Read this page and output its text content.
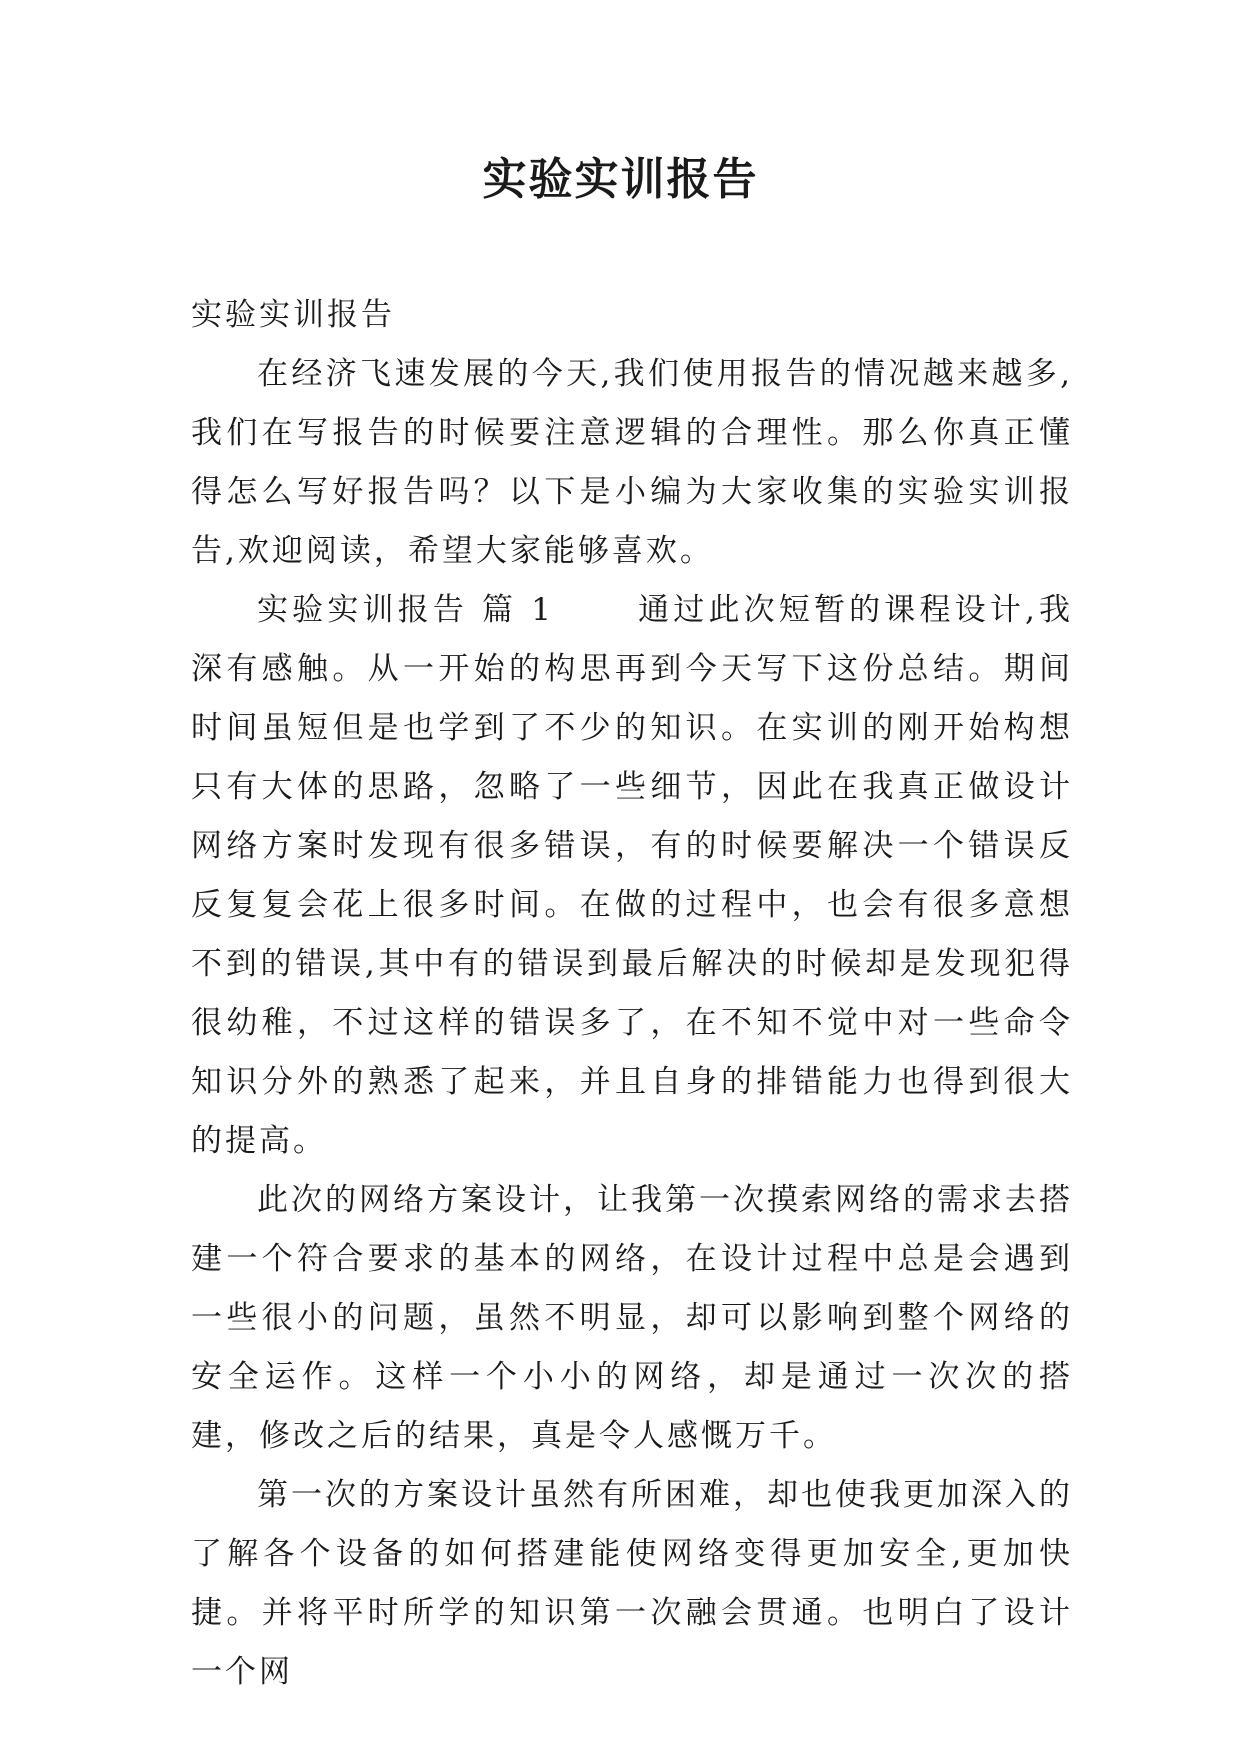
实验实训报告

实验实训报告

在经济飞速发展的今天,我们使用报告的情况越来越多,我们在写报告的时候要注意逻辑的合理性。那么你真正懂得怎么写好报告吗？以下是小编为大家收集的实验实训报告,欢迎阅读，希望大家能够喜欢。

实验实训报告 篇 1	通过此次短暂的课程设计,我深有感触。从一开始的构思再到今天写下这份总结。期间时间虽短但是也学到了不少的知识。在实训的刚开始构想只有大体的思路，忽略了一些细节，因此在我真正做设计网络方案时发现有很多错误，有的时候要解决一个错误反反复复会花上很多时间。在做的过程中，也会有很多意想不到的错误,其中有的错误到最后解决的时候却是发现犯得很幼稚，不过这样的错误多了，在不知不觉中对一些命令知识分外的熟悉了起来，并且自身的排错能力也得到很大的提高。

此次的网络方案设计，让我第一次摸索网络的需求去搭建一个符合要求的基本的网络，在设计过程中总是会遇到一些很小的问题，虽然不明显，却可以影响到整个网络的安全运作。这样一个小小的网络，却是通过一次次的搭建，修改之后的结果，真是令人感慨万千。

第一次的方案设计虽然有所困难，却也使我更加深入的了解各个设备的如何搭建能使网络变得更加安全,更加快捷。并将平时所学的知识第一次融会贯通。也明白了设计一个网
